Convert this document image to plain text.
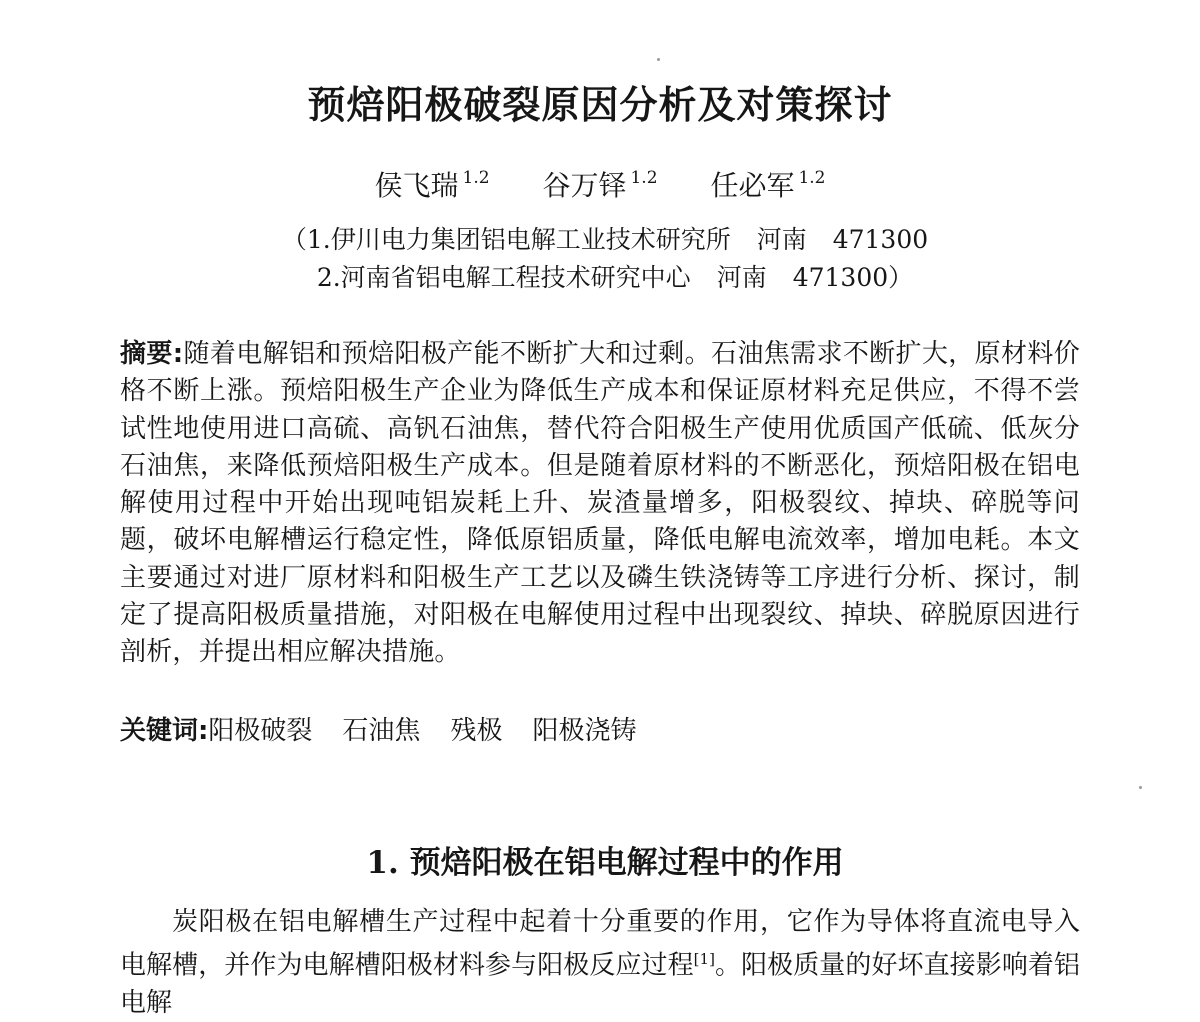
预焙阳极破裂原因分析及对策探讨
侯飞瑞 $^{1.2}$ 谷万铎 $^{1.2}$ 任必军 $^{1.2}$
（1.伊川电力集团铝电解工业技术研究所 河南 471300
2.河南省铝电解工程技术研究中心 河南 471300）
摘要:随着电解铝和预焙阳极产能不断扩大和过剩。石油焦需求不断扩大，原材料价格不断上涨。预焙阳极生产企业为降低生产成本和保证原材料充足供应，不得不尝试性地使用进口高硫、高钒石油焦，替代符合阳极生产使用优质国产低硫、低灰分石油焦，来降低预焙阳极生产成本。但是随着原材料的不断恶化，预焙阳极在铝电解使用过程中开始出现吨铝炭耗上升、炭渣量增多，阳极裂纹、掉块、碎脱等问题，破坏电解槽运行稳定性，降低原铝质量，降低电解电流效率，增加电耗。本文主要通过对进厂原材料和阳极生产工艺以及磷生铁浇铸等工序进行分析、探讨，制定了提高阳极质量措施，对阳极在电解使用过程中出现裂纹、掉块、碎脱原因进行剖析，并提出相应解决措施。
关键词:阳极破裂 石油焦 残极 阳极浇铸
1. 预焙阳极在铝电解过程中的作用
炭阳极在铝电解槽生产过程中起着十分重要的作用，它作为导体将直流电导入电解槽，并作为电解槽阳极材料参与阳极反应过程[1]。阳极质量的好坏直接影响着铝电解
